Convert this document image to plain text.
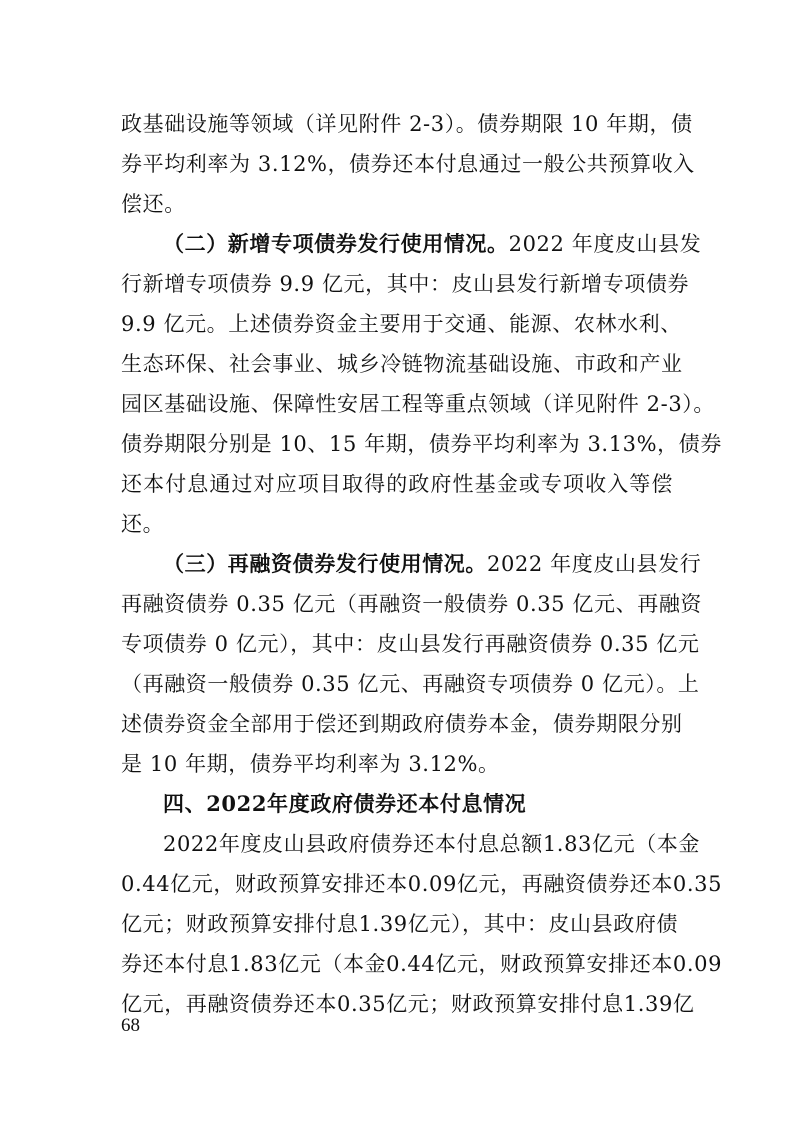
政基础设施等领域（详见附件 2-3）。债券期限 10 年期，债
券平均利率为 3.12%，债券还本付息通过一般公共预算收入
偿还。
（二）新增专项债券发行使用情况。2022 年度皮山县发
行新增专项债券 9.9 亿元，其中：皮山县发行新增专项债券
9.9 亿元。上述债券资金主要用于交通、能源、农林水利、
生态环保、社会事业、城乡冷链物流基础设施、市政和产业
园区基础设施、保障性安居工程等重点领域（详见附件 2-3）。
债券期限分别是 10、15 年期，债券平均利率为 3.13%，债券
还本付息通过对应项目取得的政府性基金或专项收入等偿
还。
（三）再融资债券发行使用情况。2022 年度皮山县发行
再融资债券 0.35 亿元（再融资一般债券 0.35 亿元、再融资
专项债券 0 亿元），其中：皮山县发行再融资债券 0.35 亿元
（再融资一般债券 0.35 亿元、再融资专项债券 0 亿元）。上
述债券资金全部用于偿还到期政府债券本金，债券期限分别
是 10 年期，债券平均利率为 3.12%。
四、2022年度政府债券还本付息情况
2022年度皮山县政府债券还本付息总额1.83亿元（本金
0.44亿元，财政预算安排还本0.09亿元，再融资债券还本0.35
亿元；财政预算安排付息1.39亿元），其中：皮山县政府债
券还本付息1.83亿元（本金0.44亿元，财政预算安排还本0.09
亿元，再融资债券还本0.35亿元；财政预算安排付息1.39亿
68
